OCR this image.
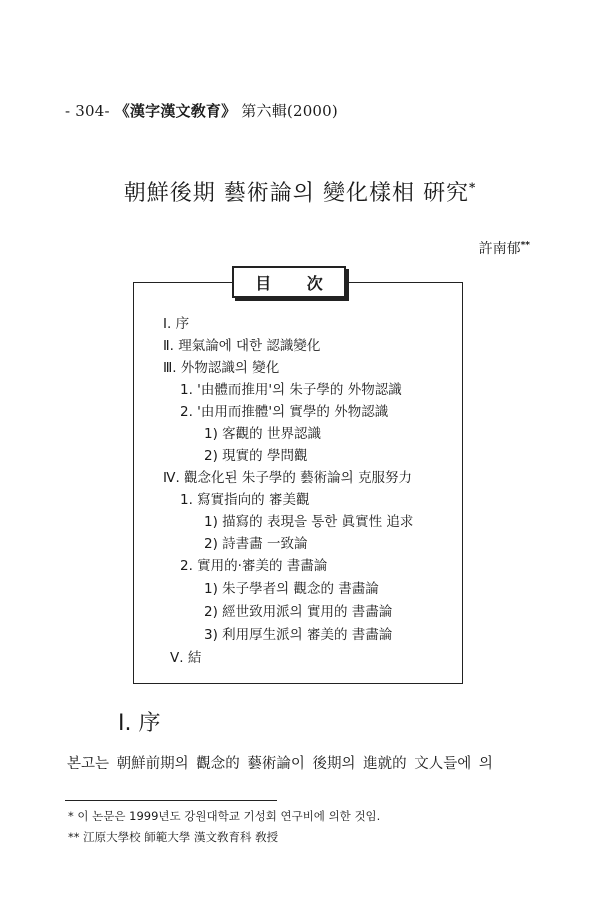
- 304- 《漢字漢文敎育》 第六輯(2000)
朝鮮後期 藝術論의 變化樣相 硏究*
許南郁**
目 次
Ⅰ. 序
Ⅱ. 理氣論에 대한 認識變化
Ⅲ. 外物認識의 變化
1. '由體而推用'의 朱子學的 外物認識
2. '由用而推體'의 實學的 外物認識
1) 客觀的 世界認識
2) 現實的 學問觀
Ⅳ. 觀念化된 朱子學的 藝術論의 克服努力
1. 寫實指向的 審美觀
1) 描寫的 表現을 통한 眞實性 追求
2) 詩書畵 一致論
2. 實用的·審美的 書畵論
1) 朱子學者의 觀念的 書畵論
2) 經世致用派의 實用的 書畵論
3) 利用厚生派의 審美的 書畵論
Ⅴ. 結
Ⅰ. 序
본고는 朝鮮前期의 觀念的 藝術論이 後期의 進就的 文人들에 의
* 이 논문은 1999년도 강원대학교 기성회 연구비에 의한 것임.
** 江原大學校 師範大學 漢文敎育科 敎授
